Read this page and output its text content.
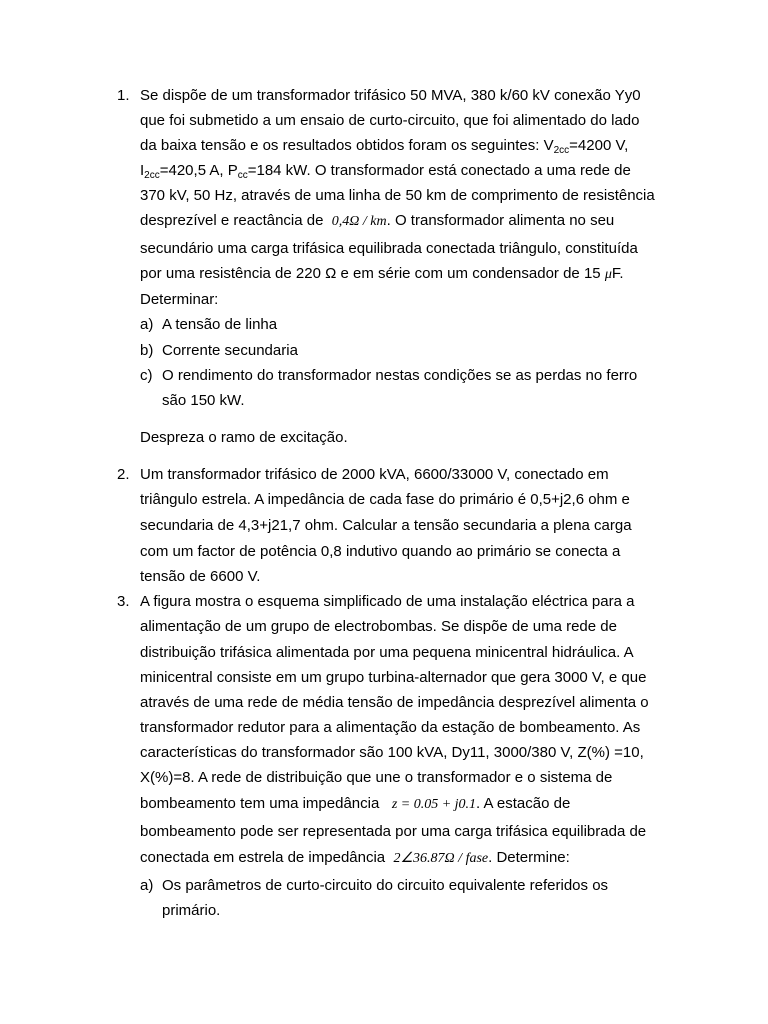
1. Se dispõe de um transformador trifásico 50 MVA, 380 k/60 kV conexão Yy0
que foi submetido a um ensaio de curto-circuito, que foi alimentado do lado
da baixa tensão e os resultados obtidos foram os seguintes: $V_{2cc}=4200$ V,
$I_{2cc}=420,5$ A, $P_{cc}=184$ kW. O transformador está conectado a uma rede de
370 kV, 50 Hz, através de uma linha de 50 km de comprimento de resistência
desprezível e reactância de 0,4Ω / km. O transformador alimenta no seu
secundário uma carga trifásica equilibrada conectada triângulo, constituída
por uma resistência de 220 Ω e em série com um condensador de 15 μF.
Determinar:
a) A tensão de linha
b) Corrente secundaria
c) O rendimento do transformador nestas condições se as perdas no ferro
são 150 kW.
Despreza o ramo de excitação.
2. Um transformador trifásico de 2000 kVA, 6600/33000 V, conectado em
triângulo estrela. A impedância de cada fase do primário é 0,5+j2,6 ohm e
secundaria de 4,3+j21,7 ohm. Calcular a tensão secundaria a plena carga
com um factor de potência 0,8 indutivo quando ao primário se conecta a
tensão de 6600 V.
3. A figura mostra o esquema simplificado de uma instalação eléctrica para a
alimentação de um grupo de electrobombas. Se dispõe de uma rede de
distribuição trifásica alimentada por uma pequena minicentral hidráulica. A
minicentral consiste em um grupo turbina-alternador que gera 3000 V, e que
através de uma rede de média tensão de impedância desprezível alimenta o
transformador redutor para a alimentação da estação de bombeamento. As
características do transformador são 100 kVA, Dy11, 3000/380 V, Z(%) =10,
X(%)=8. A rede de distribuição que une o transformador e o sistema de
bombeamento tem uma impedância z = 0.05 + j0.1. A estacão de
bombeamento pode ser representada por uma carga trifásica equilibrada de
conectada em estrela de impedância 2∠36.87Ω / fase. Determine:
a) Os parâmetros de curto-circuito do circuito equivalente referidos os
primário.
